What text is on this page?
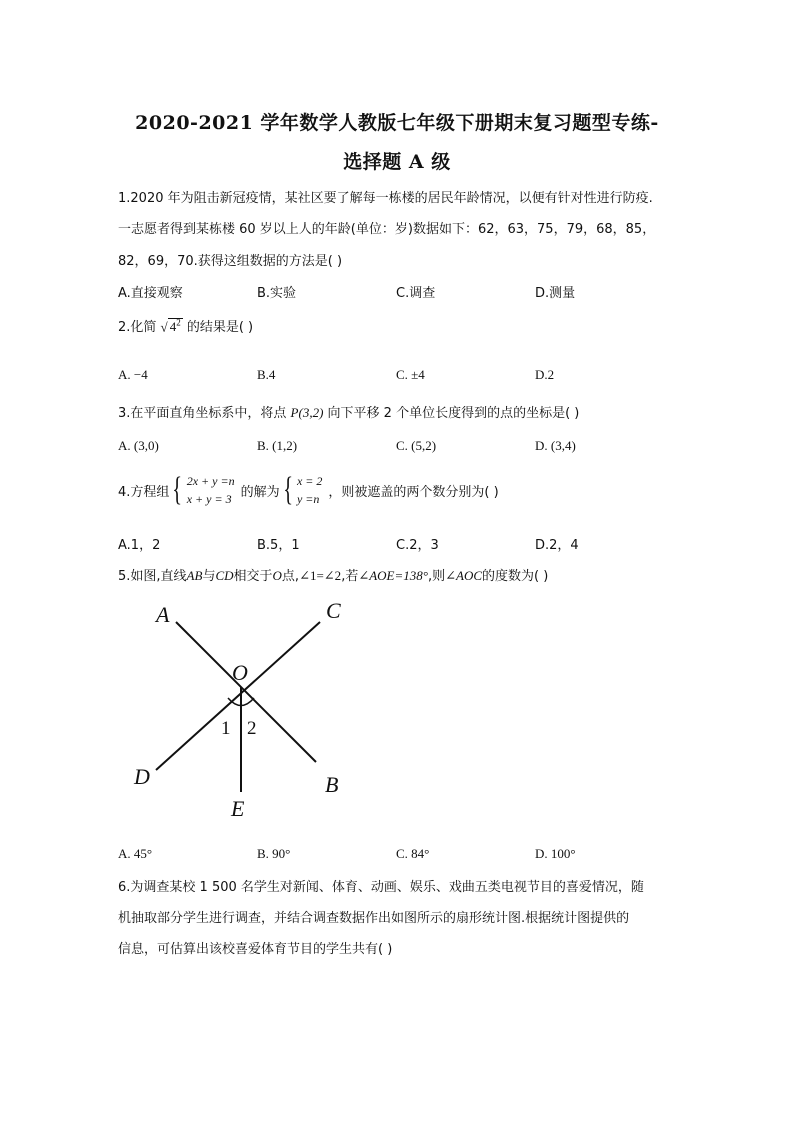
2020-2021 学年数学人教版七年级下册期末复习题型专练-
选择题 A 级
1.2020 年为阻击新冠疫情，某社区要了解每一栋楼的居民年龄情况，以便有针对性进行防疫.
一志愿者得到某栋楼 60 岁以上人的年龄(单位：岁)数据如下：62，63，75，79，68，85，
82，69，70.获得这组数据的方法是( )
A.直接观察	B.实验	C.调查	D.测量
2.化简 √ $4^2$ 的结果是( )
A. −4	B.4	C. ±4	D.2
3.在平面直角坐标系中，将点 P(3,2) 向下平移 2 个单位长度得到的点的坐标是( )
A. (3,0)	B. (1,2)	C. (5,2)	D. (3,4)
4.方程组 { 2x + y =n
x + y = 3 的解为 { x = 2
y =n ，则被遮盖的两个数分别为( )
A.1，2	B.5，1	C.2，3	D.2，4
5.如图,直线AB与CD相交于O点,∠1=∠2,若∠AOE=138°,则∠AOC的度数为( )
A	C
O
D	B
E
1 2
A. 45°	B. 90°	C. 84°	D. 100°
6.为调查某校 1 500 名学生对新闻、体育、动画、娱乐、戏曲五类电视节目的喜爱情况，随
机抽取部分学生进行调查，并结合调查数据作出如图所示的扇形统计图.根据统计图提供的
信息，可估算出该校喜爱体育节目的学生共有( )
